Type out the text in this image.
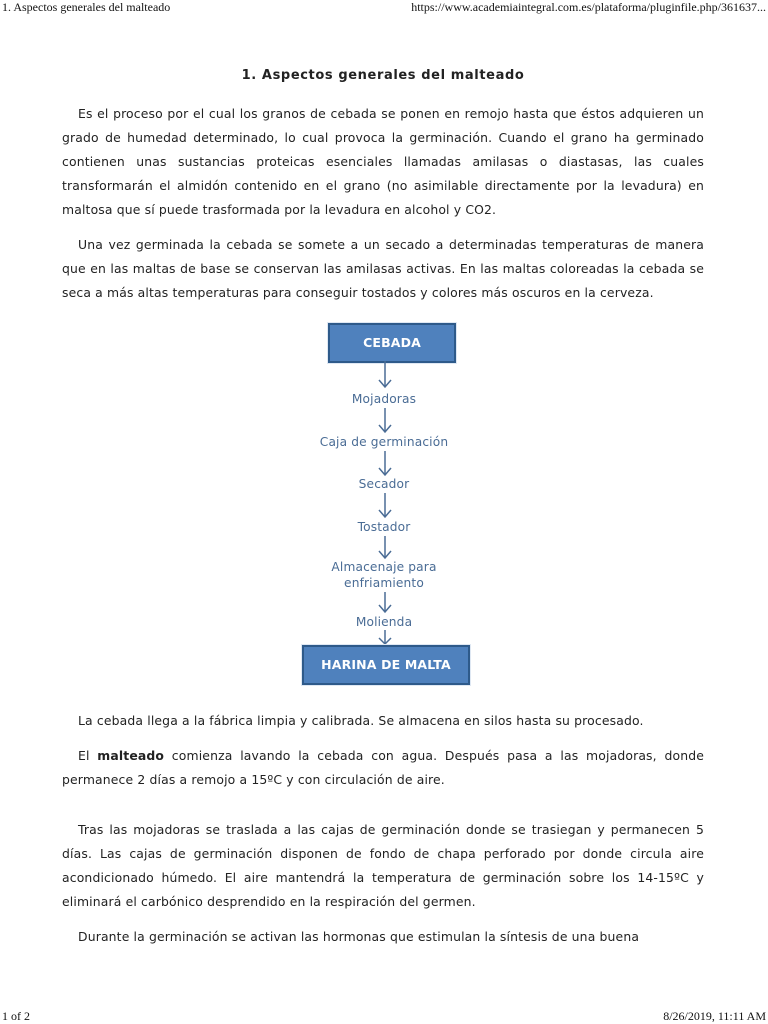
1. Aspectos generales del malteado	https://www.academiaintegral.com.es/plataforma/pluginfile.php/361637...
1. Aspectos generales del malteado

Es el proceso por el cual los granos de cebada se ponen en remojo hasta que éstos adquieren un grado de humedad determinado, lo cual provoca la germinación. Cuando el grano ha germinado contienen unas sustancias proteicas esenciales llamadas amilasas o diastasas, las cuales transformarán el almidón contenido en el grano (no asimilable directamente por la levadura) en maltosa que sí puede trasformada por la levadura en alcohol y CO2.

Una vez germinada la cebada se somete a un secado a determinadas temperaturas de manera que en las maltas de base se conservan las amilasas activas. En las maltas coloreadas la cebada se seca a más altas temperaturas para conseguir tostados y colores más oscuros en la cerveza.

CEBADA
Mojadoras
Caja de germinación
Secador
Tostador
Almacenaje para
enfriamiento
Molienda
HARINA DE MALTA

La cebada llega a la fábrica limpia y calibrada. Se almacena en silos hasta su procesado.

El malteado comienza lavando la cebada con agua. Después pasa a las mojadoras, donde permanece 2 días a remojo a 15ºC y con circulación de aire.

Tras las mojadoras se traslada a las cajas de germinación donde se trasiegan y permanecen 5 días. Las cajas de germinación disponen de fondo de chapa perforado por donde circula aire acondicionado húmedo. El aire mantendrá la temperatura de germinación sobre los 14-15ºC y eliminará el carbónico desprendido en la respiración del germen.

Durante la germinación se activan las hormonas que estimulan la síntesis de una buena

1 of 2	8/26/2019, 11:11 AM
